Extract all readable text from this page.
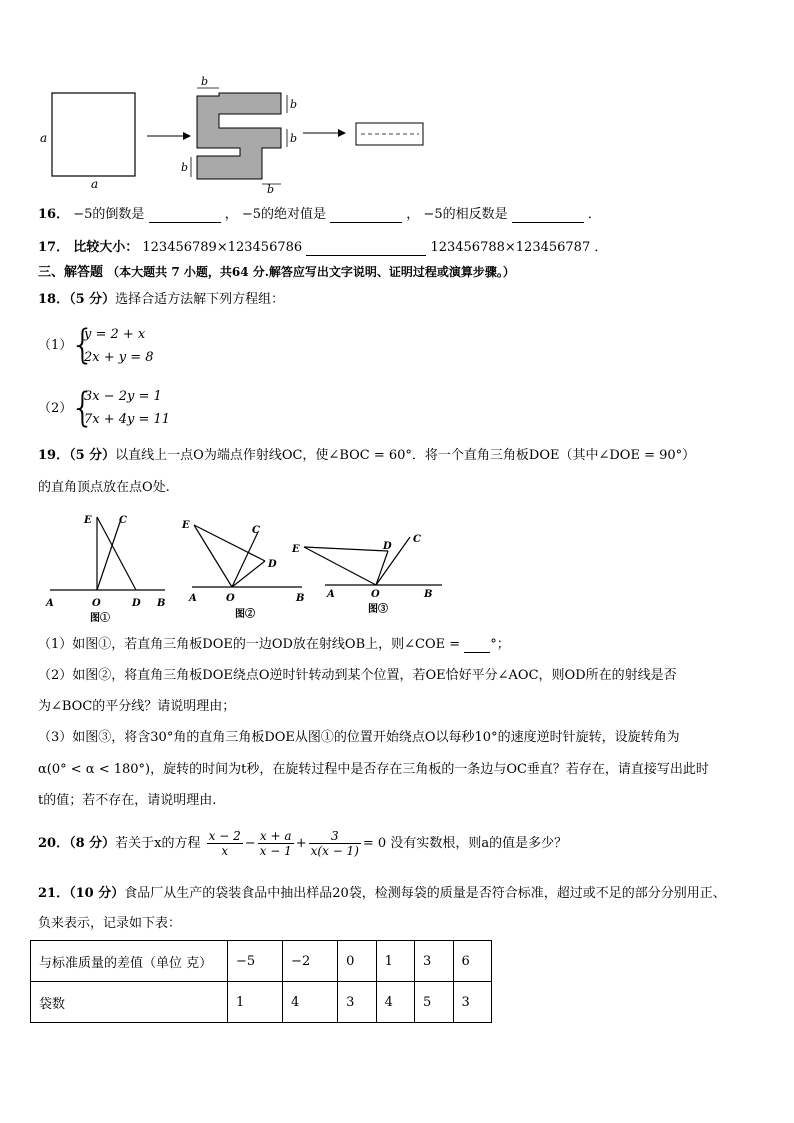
a
a
b
b
b
b
b
16． −5的倒数是	， −5的绝对值是	， −5的相反数是	．
17． 比较大小： 123456789×123456786	123456788×123456787 ．
三、解答题 （本大题共 7 小题，共64 分.解答应写出文字说明、证明过程或演算步骤。）
18．（5 分）选择合适方法解下列方程组：
（1）
{
y = 2 + x
2x + y = 8
（2）
{
3x − 2y = 1
7x + 4y = 11
19．（5 分）以直线上一点O为端点作射线OC，使∠BOC = 60°．将一个直角三角板DOE（其中∠DOE = 90°）
的直角顶点放在点O处.
E	C
A	O	D B
图①
E	C
D
A	O	B
图②
E	D
C
A	O	B
图③
（1）如图①，若直角三角板DOE的一边OD放在射线OB上，则∠COE = °；
（2）如图②，将直角三角板DOE绕点O逆时针转动到某个位置，若OE恰好平分∠AOC，则OD所在的射线是否
为∠BOC的平分线？请说明理由；
（3）如图③，将含30°角的直角三角板DOE从图①的位置开始绕点O以每秒10°的速度逆时针旋转，设旋转角为
α(0° < α < 180°)，旋转的时间为t秒，在旋转过程中是否存在三角板的一条边与OC垂直？若存在，请直接写出此时
t的值；若不存在，请说明理由.
20．（8 分）若关于x的方程 $\frac{x - 2}{x} - \frac{x + a}{x - 1} + \frac{3}{x(x - 1)} = 0$ 没有实数根，则a的值是多少？
21．（10 分）食品厂从生产的袋装食品中抽出样品20袋，检测每袋的质量是否符合标准，超过或不足的部分分别用正、
负来表示，记录如下表：
与标准质量的差值（单位 克）	−5	−2	0	1	3	6
袋数	1	4	3	4	5	3
